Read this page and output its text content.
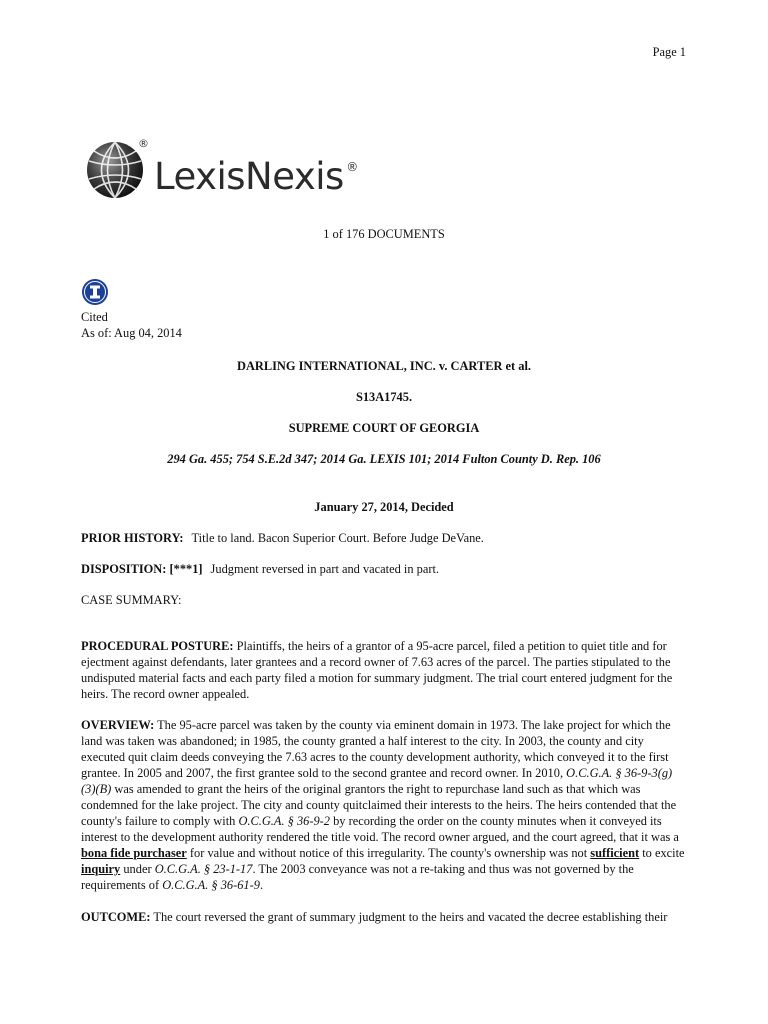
Page 1
®
LexisNexis ®
1 of 176 DOCUMENTS
Cited
As of: Aug 04, 2014
DARLING INTERNATIONAL, INC. v. CARTER et al.
S13A1745.
SUPREME COURT OF GEORGIA
294 Ga. 455; 754 S.E.2d 347; 2014 Ga. LEXIS 101; 2014 Fulton County D. Rep. 106
January 27, 2014, Decided
PRIOR HISTORY: Title to land. Bacon Superior Court. Before Judge DeVane.
DISPOSITION: [***1] Judgment reversed in part and vacated in part.
CASE SUMMARY:
PROCEDURAL POSTURE: Plaintiffs, the heirs of a grantor of a 95-acre parcel, filed a petition to quiet title and for ejectment against defendants, later grantees and a record owner of 7.63 acres of the parcel. The parties stipulated to the undisputed material facts and each party filed a motion for summary judgment. The trial court entered judgment for the heirs. The record owner appealed.
OVERVIEW: The 95-acre parcel was taken by the county via eminent domain in 1973. The lake project for which the land was taken was abandoned; in 1985, the county granted a half interest to the city. In 2003, the county and city executed quit claim deeds conveying the 7.63 acres to the county development authority, which conveyed it to the first grantee. In 2005 and 2007, the first grantee sold to the second grantee and record owner. In 2010, O.C.G.A. § 36-9-3(g)(3)(B) was amended to grant the heirs of the original grantors the right to repurchase land such as that which was condemned for the lake project. The city and county quitclaimed their interests to the heirs. The heirs contended that the county's failure to comply with O.C.G.A. § 36-9-2 by recording the order on the county minutes when it conveyed its interest to the development authority rendered the title void. The record owner argued, and the court agreed, that it was a bona fide purchaser for value and without notice of this irregularity. The county's ownership was not sufficient to excite inquiry under O.C.G.A. § 23-1-17. The 2003 conveyance was not a re-taking and thus was not governed by the requirements of O.C.G.A. § 36-61-9.
OUTCOME: The court reversed the grant of summary judgment to the heirs and vacated the decree establishing their
